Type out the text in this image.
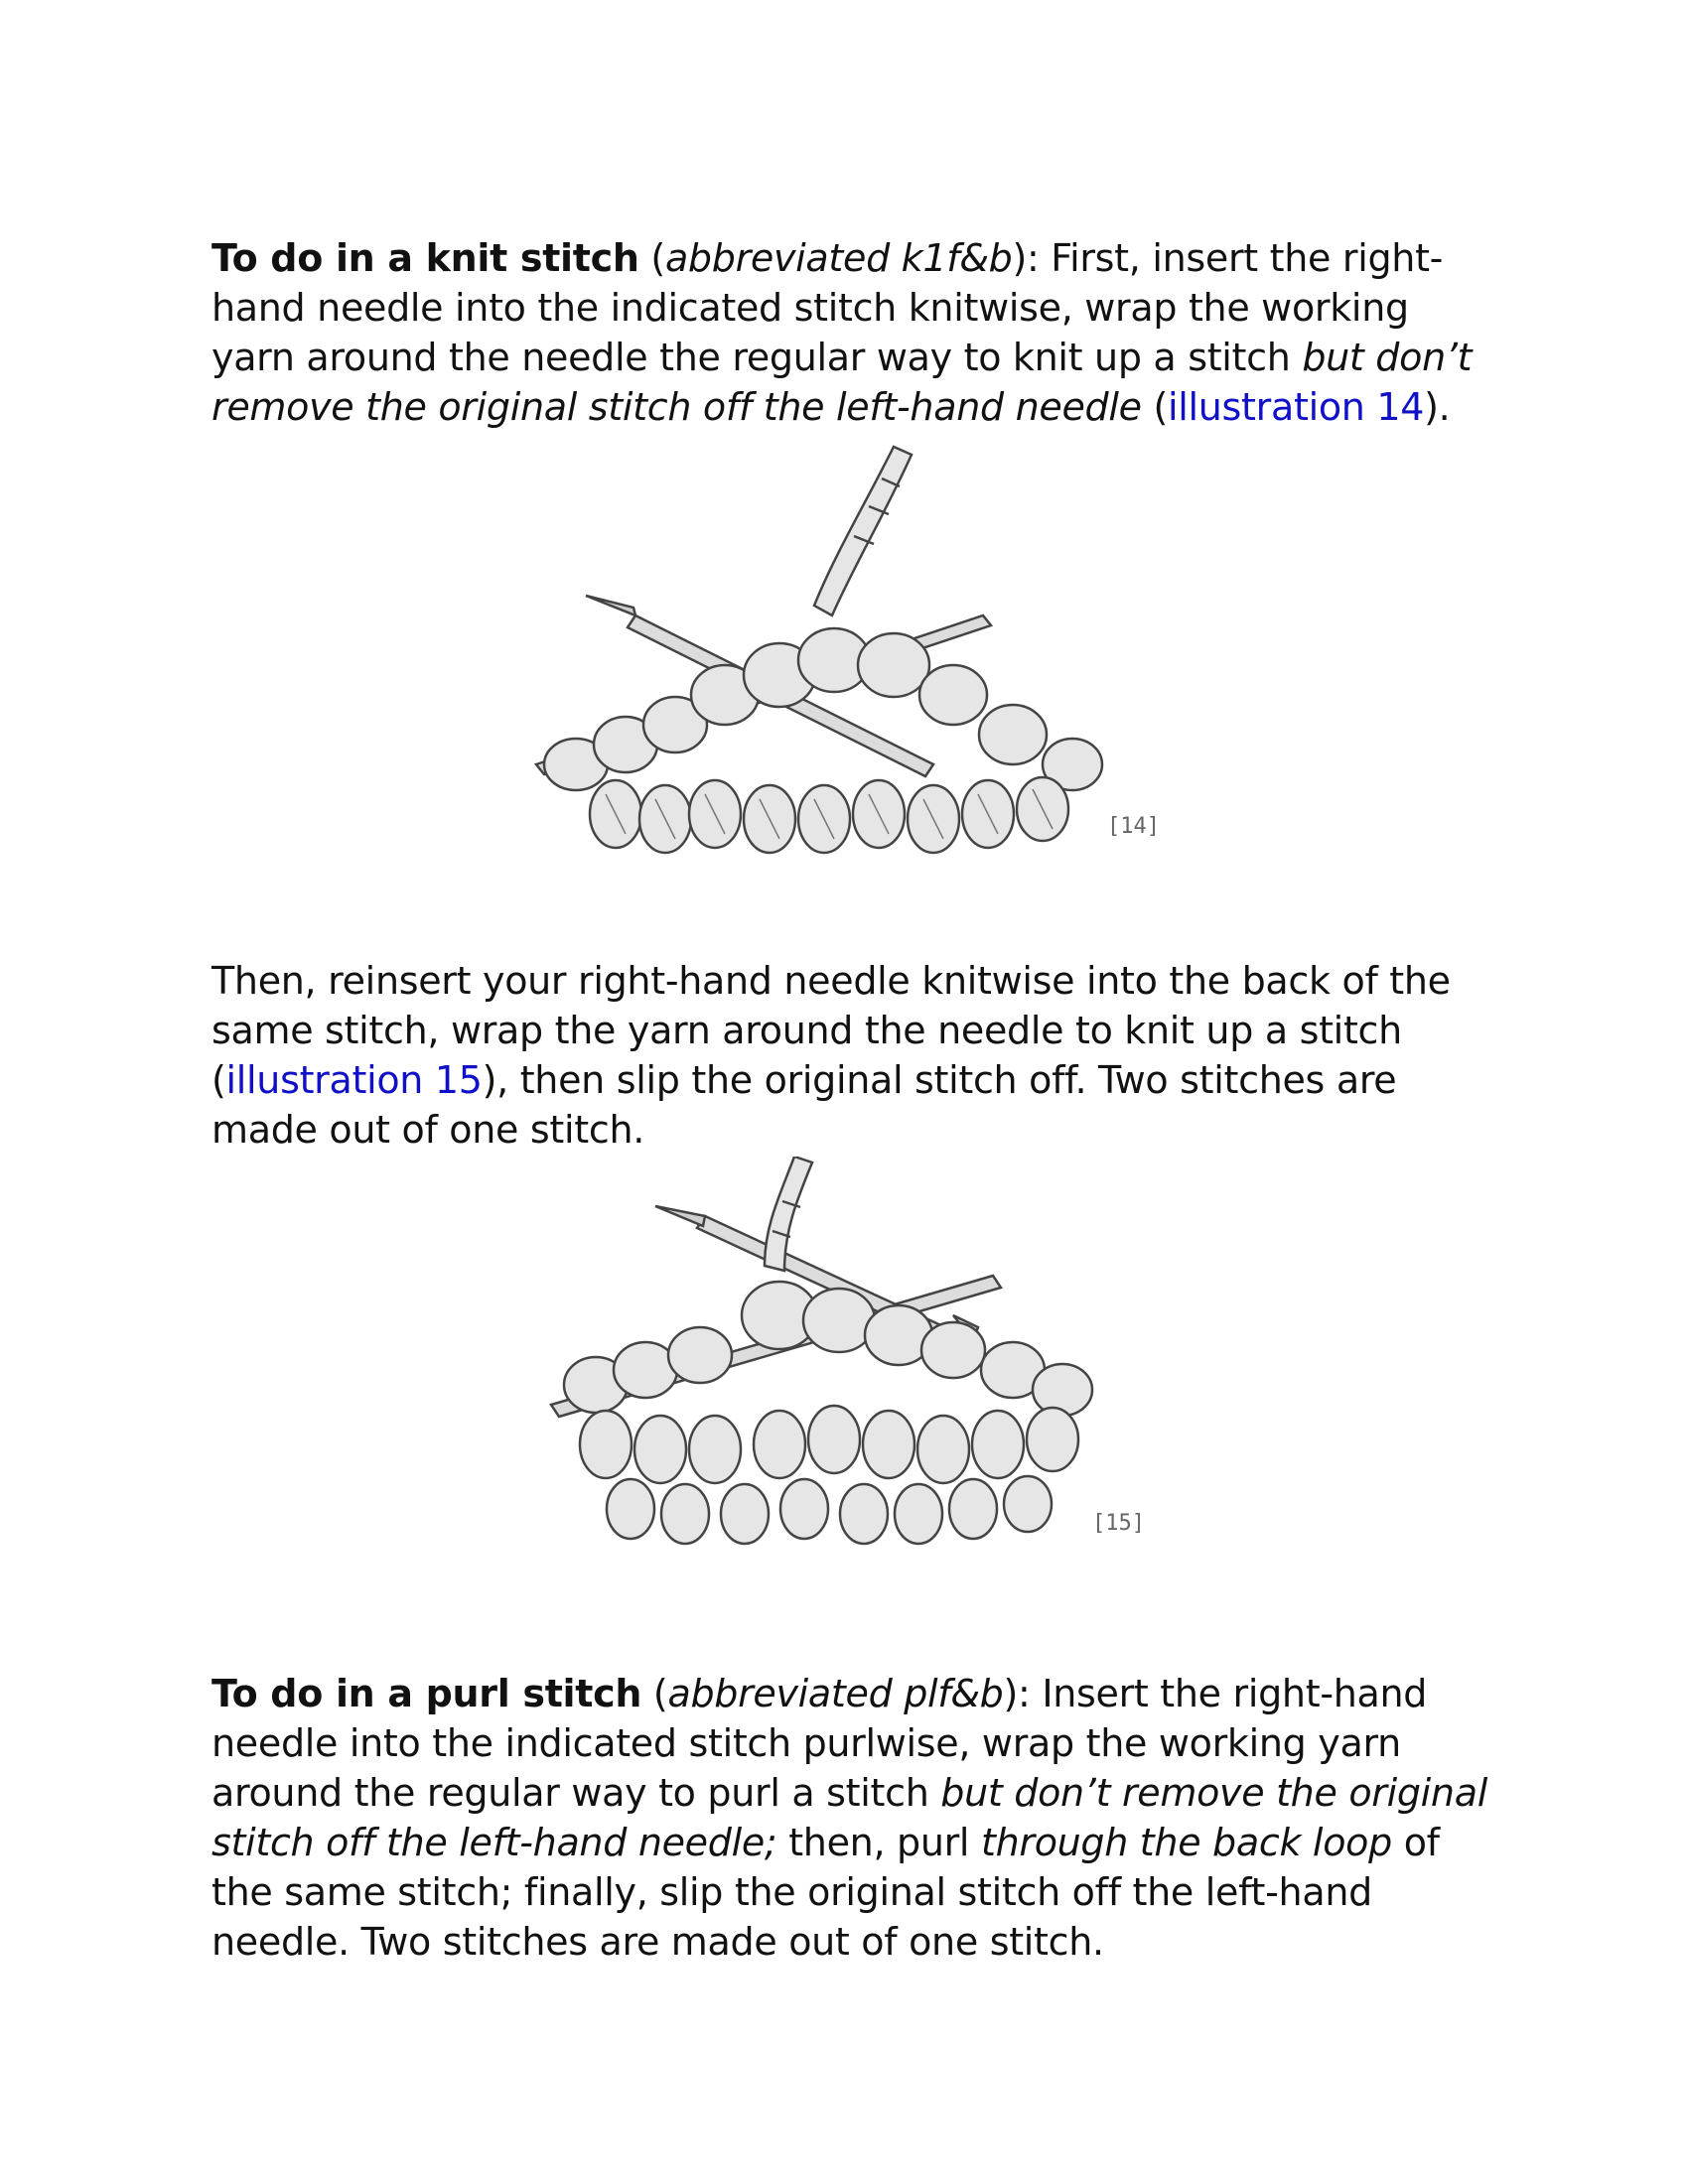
To do in a knit stitch (abbreviated k1f&b): First, insert the right-hand needle into the indicated stitch knitwise, wrap the working yarn around the needle the regular way to knit up a stitch but don’t remove the original stitch off the left-hand needle (illustration 14).

[14]

Then, reinsert your right-hand needle knitwise into the back of the same stitch, wrap the yarn around the needle to knit up a stitch (illustration 15), then slip the original stitch off. Two stitches are made out of one stitch.

[15]

To do in a purl stitch (abbreviated plf&b): Insert the right-hand needle into the indicated stitch purlwise, wrap the working yarn around the regular way to purl a stitch but don’t remove the original stitch off the left-hand needle; then, purl through the back loop of the same stitch; finally, slip the original stitch off the left-hand needle. Two stitches are made out of one stitch.
